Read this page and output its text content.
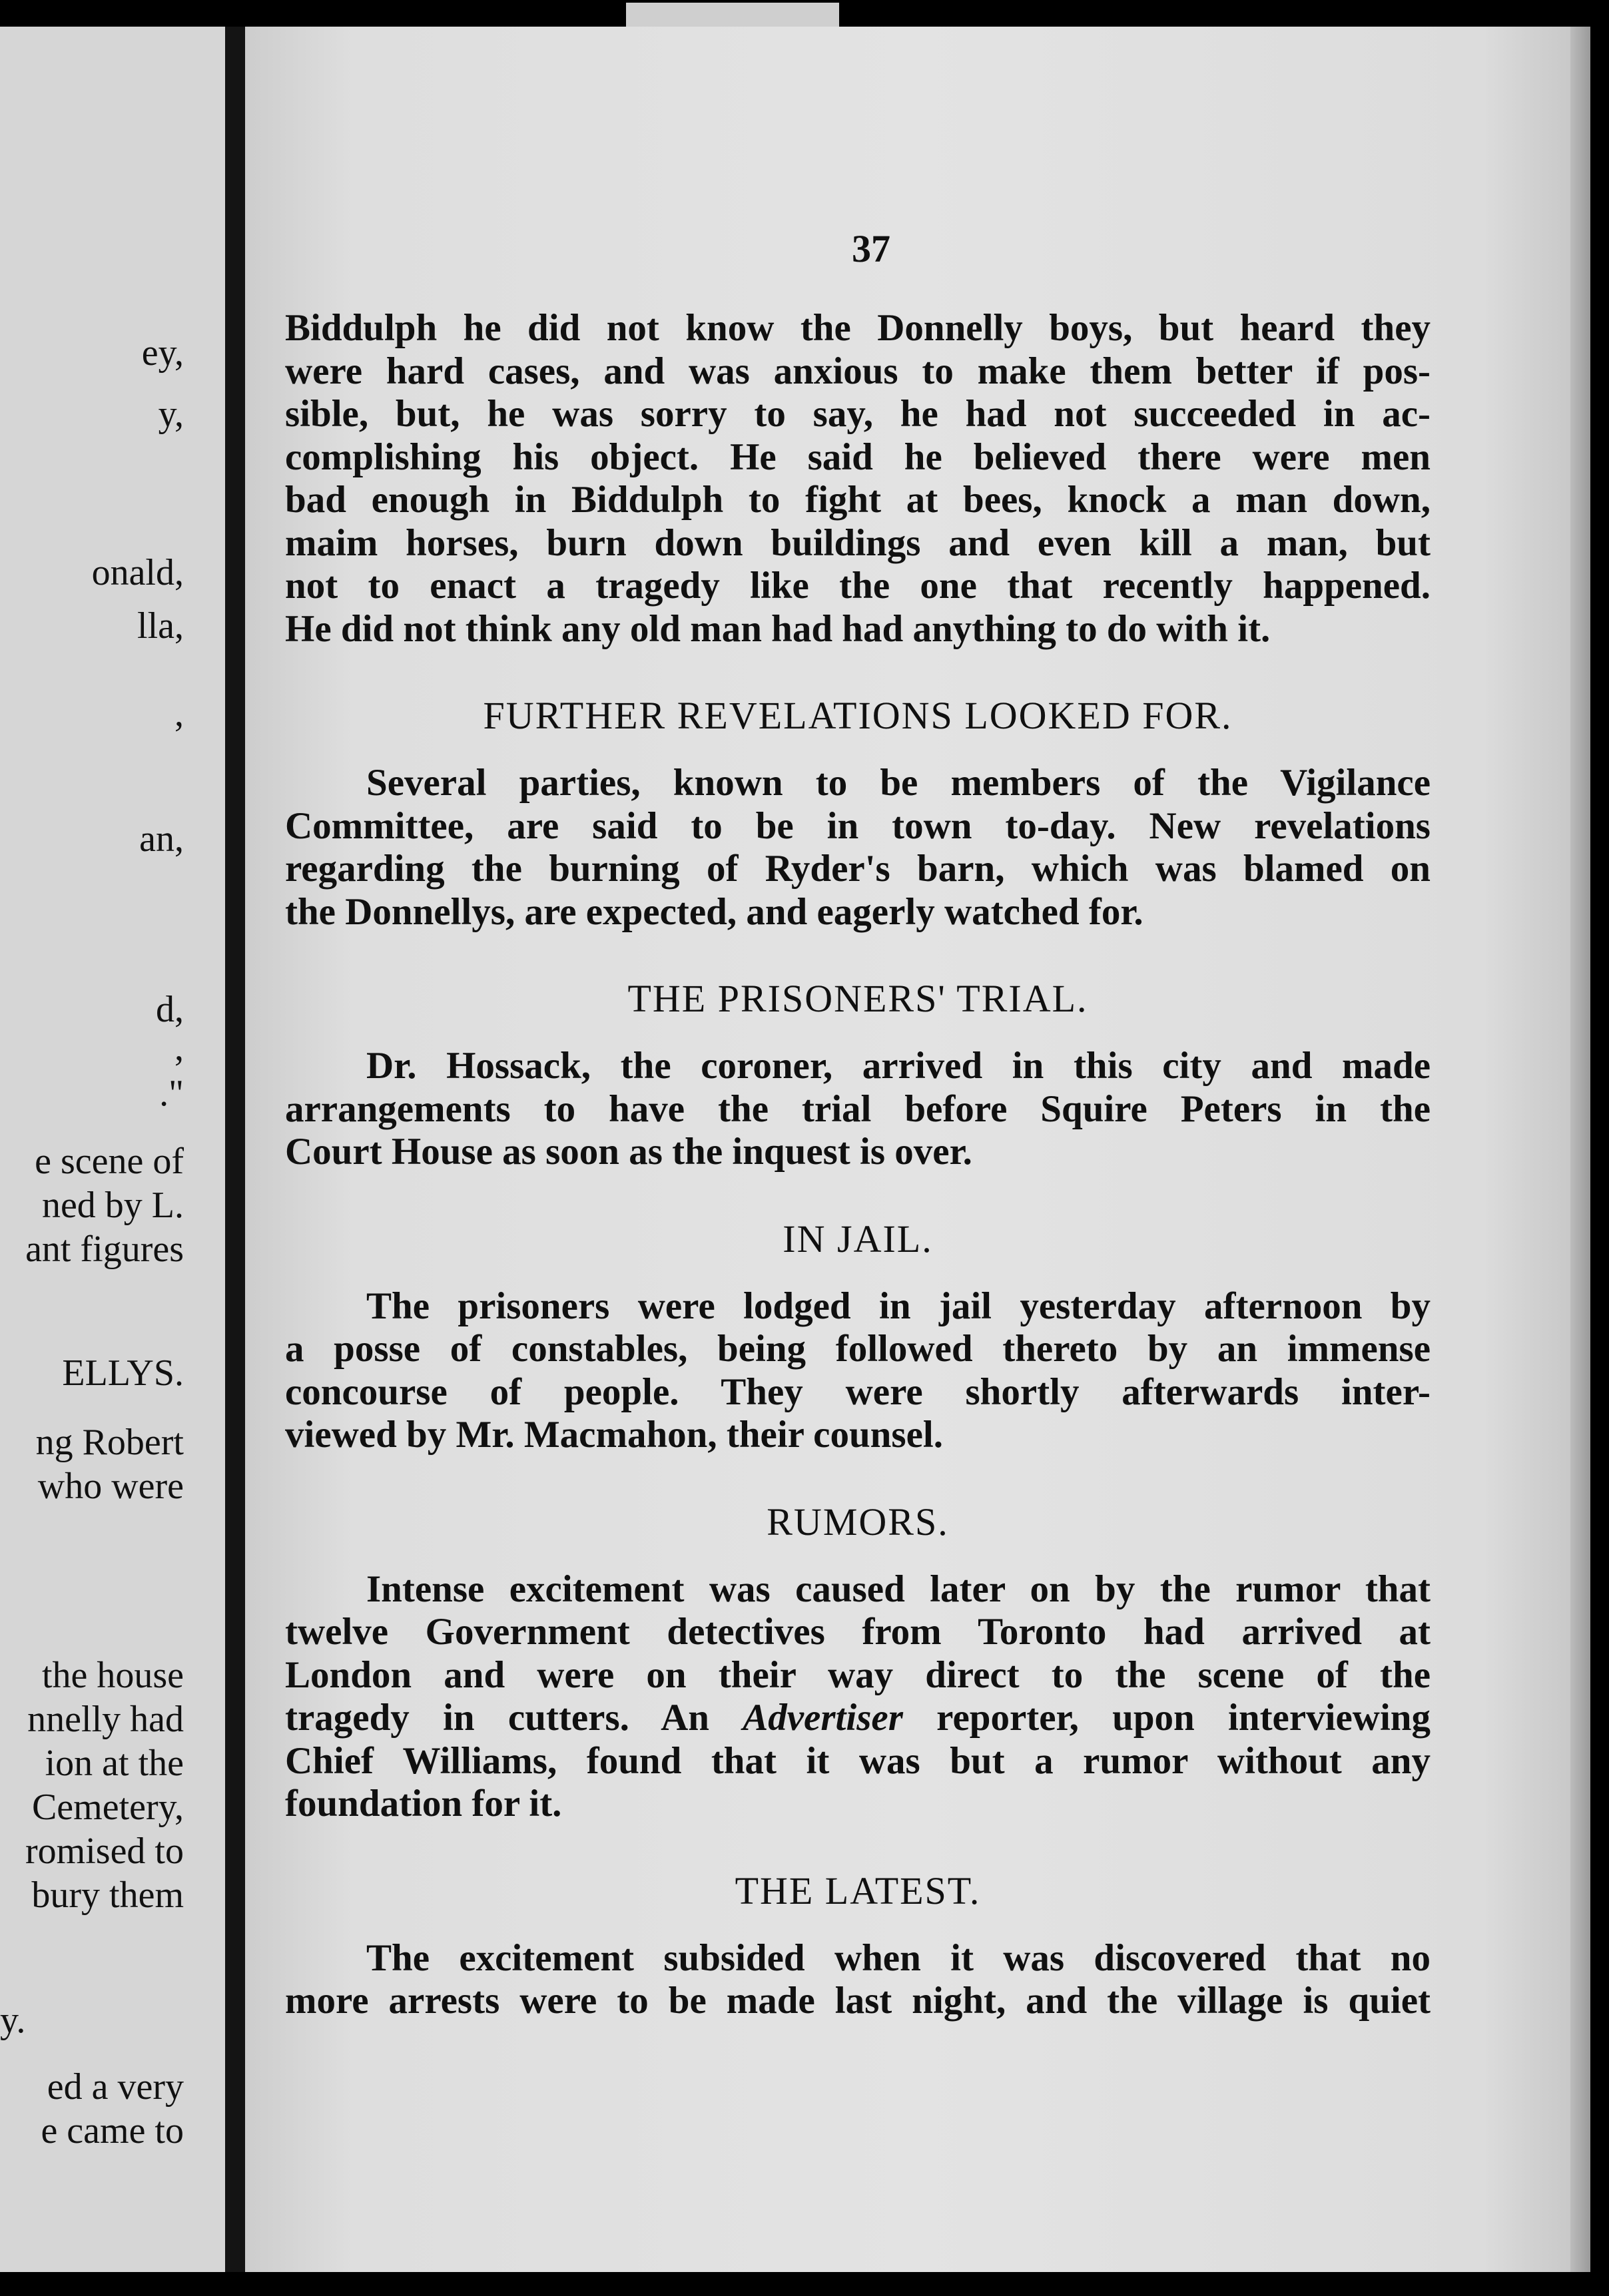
ey,
y,
onald,
lla,
,
an,
d,
,
."
e scene of
ned by L.
ant figures
ELLYS.
ng Robert
who were
the house
nnelly had
ion at the
Cemetery,
romised to
bury them
y.
ed a very
e came to
37

Biddulph he did not know the Donnelly boys, but heard they
were hard cases, and was anxious to make them better if pos-
sible, but, he was sorry to say, he had not succeeded in ac-
complishing his object. He said he believed there were men
bad enough in Biddulph to fight at bees, knock a man down,
maim horses, burn down buildings and even kill a man, but
not to enact a tragedy like the one that recently happened.
He did not think any old man had had anything to do with it.

FURTHER REVELATIONS LOOKED FOR.

Several parties, known to be members of the Vigilance
Committee, are said to be in town to-day. New revelations
regarding the burning of Ryder's barn, which was blamed on
the Donnellys, are expected, and eagerly watched for.

THE PRISONERS' TRIAL.

Dr. Hossack, the coroner, arrived in this city and made
arrangements to have the trial before Squire Peters in the
Court House as soon as the inquest is over.

IN JAIL.

The prisoners were lodged in jail yesterday afternoon by
a posse of constables, being followed thereto by an immense
concourse of people. They were shortly afterwards inter-
viewed by Mr. Macmahon, their counsel.

RUMORS.

Intense excitement was caused later on by the rumor that
twelve Government detectives from Toronto had arrived at
London and were on their way direct to the scene of the
tragedy in cutters. An Advertiser reporter, upon interviewing
Chief Williams, found that it was but a rumor without any
foundation for it.

THE LATEST.

The excitement subsided when it was discovered that no
more arrests were to be made last night, and the village is quiet
